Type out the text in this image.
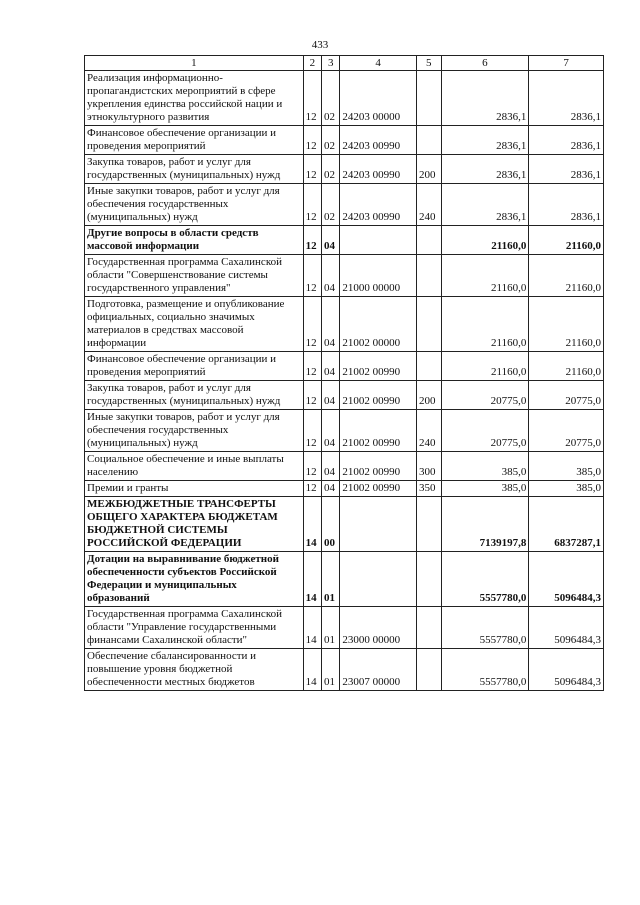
433
1	2	3	4	5	6	7
Реализация информационно-пропагандистских мероприятий в сфере укрепления единства российской нации и этнокультурного развития	12	02	24203 00000		2836,1	2836,1
Финансовое обеспечение организации и проведения мероприятий	12	02	24203 00990		2836,1	2836,1
Закупка товаров, работ и услуг для государственных (муниципальных) нужд	12	02	24203 00990	200	2836,1	2836,1
Иные закупки товаров, работ и услуг для обеспечения государственных (муниципальных) нужд	12	02	24203 00990	240	2836,1	2836,1
Другие вопросы в области средств массовой информации	12	04			21160,0	21160,0
Государственная программа Сахалинской области "Совершенствование системы государственного управления"	12	04	21000 00000		21160,0	21160,0
Подготовка, размещение и опубликование официальных, социально значимых материалов в средствах массовой информации	12	04	21002 00000		21160,0	21160,0
Финансовое обеспечение организации и проведения мероприятий	12	04	21002 00990		21160,0	21160,0
Закупка товаров, работ и услуг для государственных (муниципальных) нужд	12	04	21002 00990	200	20775,0	20775,0
Иные закупки товаров, работ и услуг для обеспечения государственных (муниципальных) нужд	12	04	21002 00990	240	20775,0	20775,0
Социальное обеспечение и иные выплаты населению	12	04	21002 00990	300	385,0	385,0
Премии и гранты	12	04	21002 00990	350	385,0	385,0
МЕЖБЮДЖЕТНЫЕ ТРАНСФЕРТЫ ОБЩЕГО ХАРАКТЕРА БЮДЖЕТАМ БЮДЖЕТНОЙ СИСТЕМЫ РОССИЙСКОЙ ФЕДЕРАЦИИ	14	00			7139197,8	6837287,1
Дотации на выравнивание бюджетной обеспеченности субъектов Российской Федерации и муниципальных образований	14	01			5557780,0	5096484,3
Государственная программа Сахалинской области "Управление государственными финансами Сахалинской области"	14	01	23000 00000		5557780,0	5096484,3
Обеспечение сбалансированности и повышение уровня бюджетной обеспеченности местных бюджетов	14	01	23007 00000		5557780,0	5096484,3
